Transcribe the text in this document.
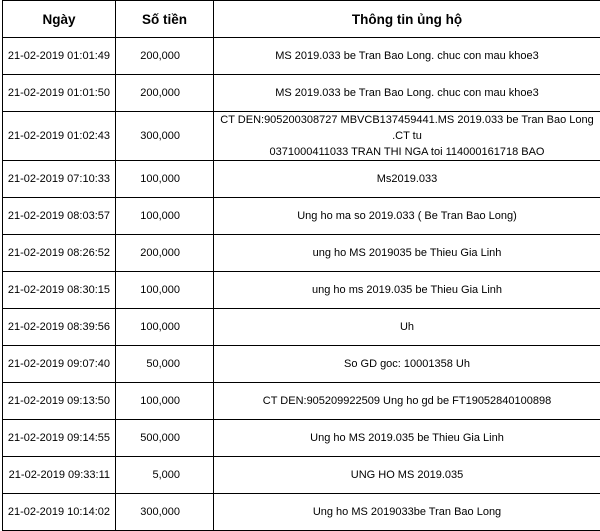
Ngày	Số tiền	Thông tin ủng hộ
21-02-2019 01:01:49	200,000	MS 2019.033 be Tran Bao Long. chuc con mau khoe3

21-02-2019 01:01:50	200,000	MS 2019.033 be Tran Bao Long. chuc con mau khoe3

21-02-2019 01:02:43	300,000	CT DEN:905200308727 MBVCB137459441.MS 2019.033 be Tran Bao Long .CT tu
0371000411033 TRAN THI NGA toi 114000161718 BAO

21-02-2019 07:10:33	100,000	Ms2019.033

21-02-2019 08:03:57	100,000	Ung ho ma so 2019.033 ( Be Tran Bao Long)

21-02-2019 08:26:52	200,000	ung ho MS 2019035 be Thieu Gia Linh

21-02-2019 08:30:15	100,000	ung ho ms 2019.035 be Thieu Gia Linh

21-02-2019 08:39:56	100,000	Uh

21-02-2019 09:07:40	50,000	So GD goc: 10001358 Uh

21-02-2019 09:13:50	100,000	CT DEN:905209922509 Ung ho gd be FT19052840100898

21-02-2019 09:14:55	500,000	Ung ho MS 2019.035 be Thieu Gia Linh

21-02-2019 09:33:11	5,000	UNG HO MS 2019.035

21-02-2019 10:14:02	300,000	Ung ho MS 2019033be Tran Bao Long
